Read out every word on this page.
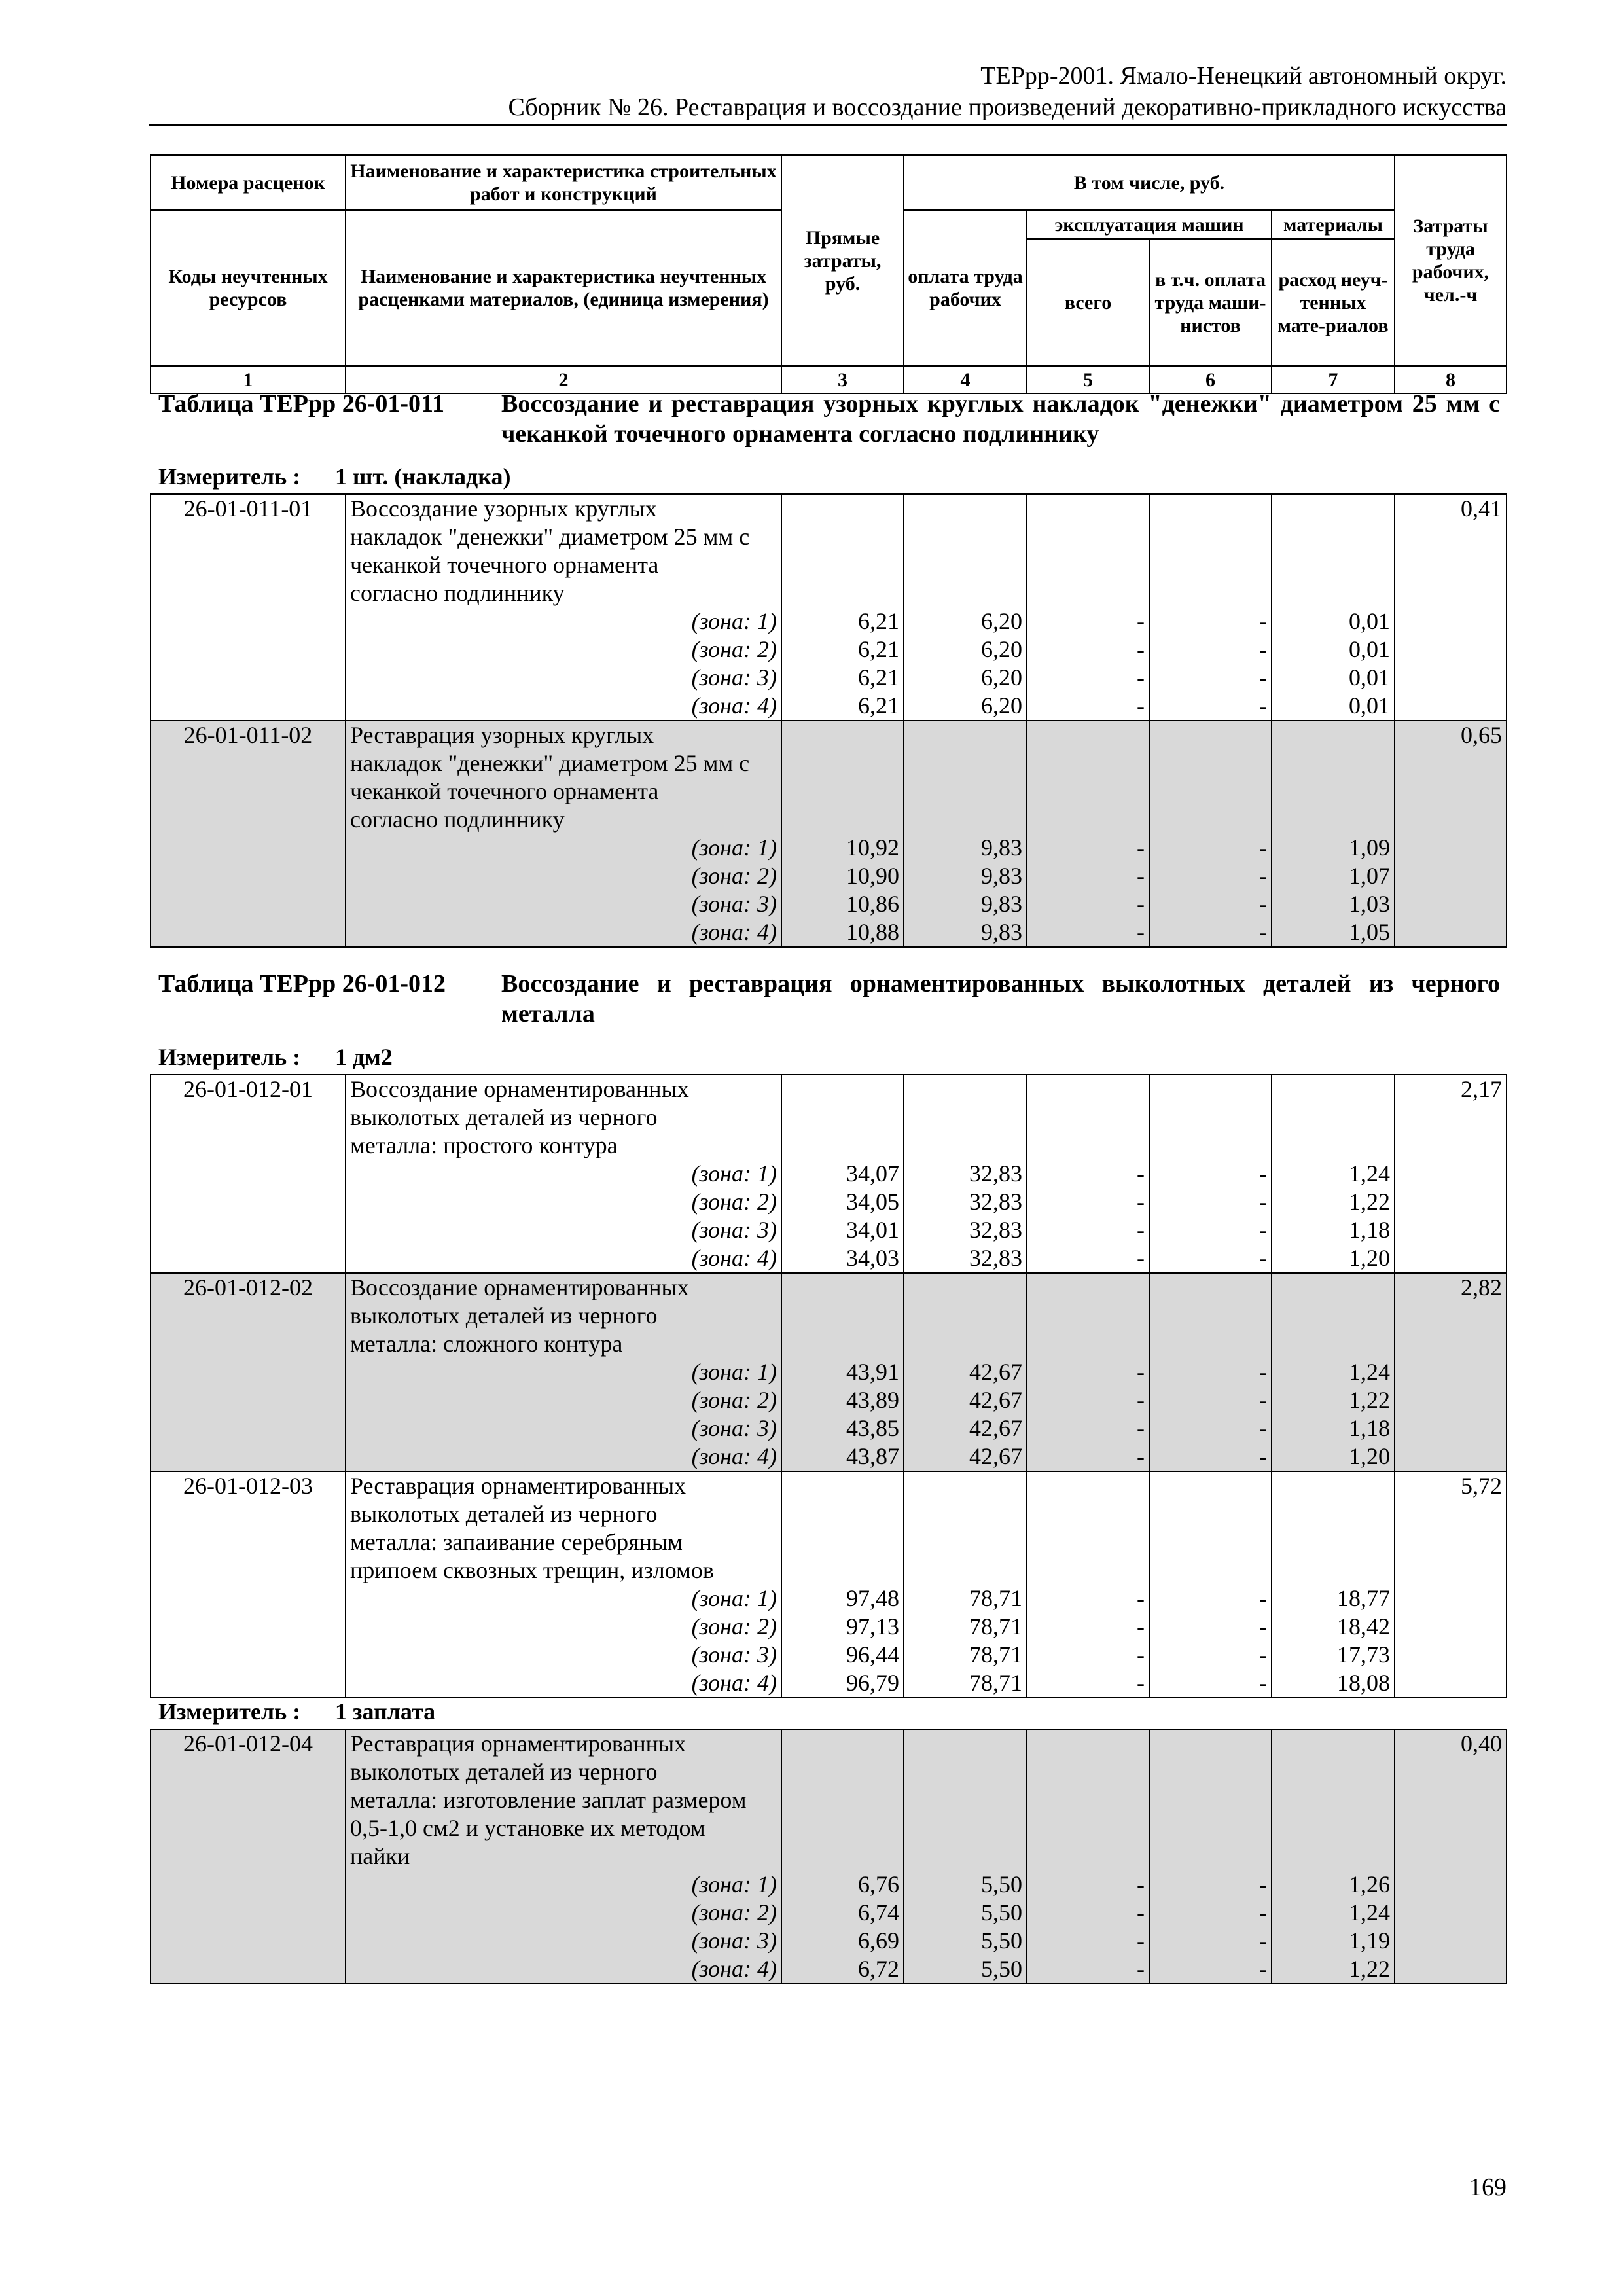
ТЕРрр-2001. Ямало-Ненецкий автономный округ.
Сборник № 26. Реставрация и воссоздание произведений декоративно-прикладного искусства
Номера расценок	Наименование и характеристика строительных работ и конструкций	Прямые затраты, руб.	В том числе, руб.				Затраты труда рабочих, чел.-ч
Коды неучтенных ресурсов	Наименование и характеристика неучтенных расценками материалов, (единица измерения)		оплата труда рабочих	эксплуатация машин		материалы	
				всего	в т.ч. оплата труда маши-нистов	расход неуч-тенных мате-риалов	
1	2	3	4	5	6	7	8
Таблица ТЕРрр 26-01-011 Воссоздание и реставрация узорных круглых накладок "денежки" диаметром 25 мм с чеканкой точечного орнамента согласно подлиннику
Измеритель : 1 шт. (накладка)
26-01-011-01	Воссоздание узорных круглых						0,41
	накладок "денежки" диаметром 25 мм с						
	чеканкой точечного орнамента						
	согласно подлиннику						
	(зона: 1)	6,21	6,20	-	-	0,01	
	(зона: 2)	6,21	6,20	-	-	0,01	
	(зона: 3)	6,21	6,20	-	-	0,01	
	(зона: 4)	6,21	6,20	-	-	0,01	
26-01-011-02	Реставрация узорных круглых						0,65
	накладок "денежки" диаметром 25 мм с						
	чеканкой точечного орнамента						
	согласно подлиннику						
	(зона: 1)	10,92	9,83	-	-	1,09	
	(зона: 2)	10,90	9,83	-	-	1,07	
	(зона: 3)	10,86	9,83	-	-	1,03	
	(зона: 4)	10,88	9,83	-	-	1,05	
Таблица ТЕРрр 26-01-012 Воссоздание и реставрация орнаментированных выколотных деталей из черного металла
Измеритель : 1 дм2
26-01-012-01	Воссоздание орнаментированных						2,17
	выколотых деталей из черного						
	металла: простого контура						
	(зона: 1)	34,07	32,83	-	-	1,24	
	(зона: 2)	34,05	32,83	-	-	1,22	
	(зона: 3)	34,01	32,83	-	-	1,18	
	(зона: 4)	34,03	32,83	-	-	1,20	
26-01-012-02	Воссоздание орнаментированных						2,82
	выколотых деталей из черного						
	металла: сложного контура						
	(зона: 1)	43,91	42,67	-	-	1,24	
	(зона: 2)	43,89	42,67	-	-	1,22	
	(зона: 3)	43,85	42,67	-	-	1,18	
	(зона: 4)	43,87	42,67	-	-	1,20	
26-01-012-03	Реставрация орнаментированных						5,72
	выколотых деталей из черного						
	металла: запаивание серебряным						
	припоем сквозных трещин, изломов						
	(зона: 1)	97,48	78,71	-	-	18,77	
	(зона: 2)	97,13	78,71	-	-	18,42	
	(зона: 3)	96,44	78,71	-	-	17,73	
	(зона: 4)	96,79	78,71	-	-	18,08	
Измеритель : 1 заплата
26-01-012-04	Реставрация орнаментированных						0,40
	выколотых деталей из черного						
	металла: изготовление заплат размером						
	0,5-1,0 см2 и установке их методом						
	пайки						
	(зона: 1)	6,76	5,50	-	-	1,26	
	(зона: 2)	6,74	5,50	-	-	1,24	
	(зона: 3)	6,69	5,50	-	-	1,19	
	(зона: 4)	6,72	5,50	-	-	1,22	
169
